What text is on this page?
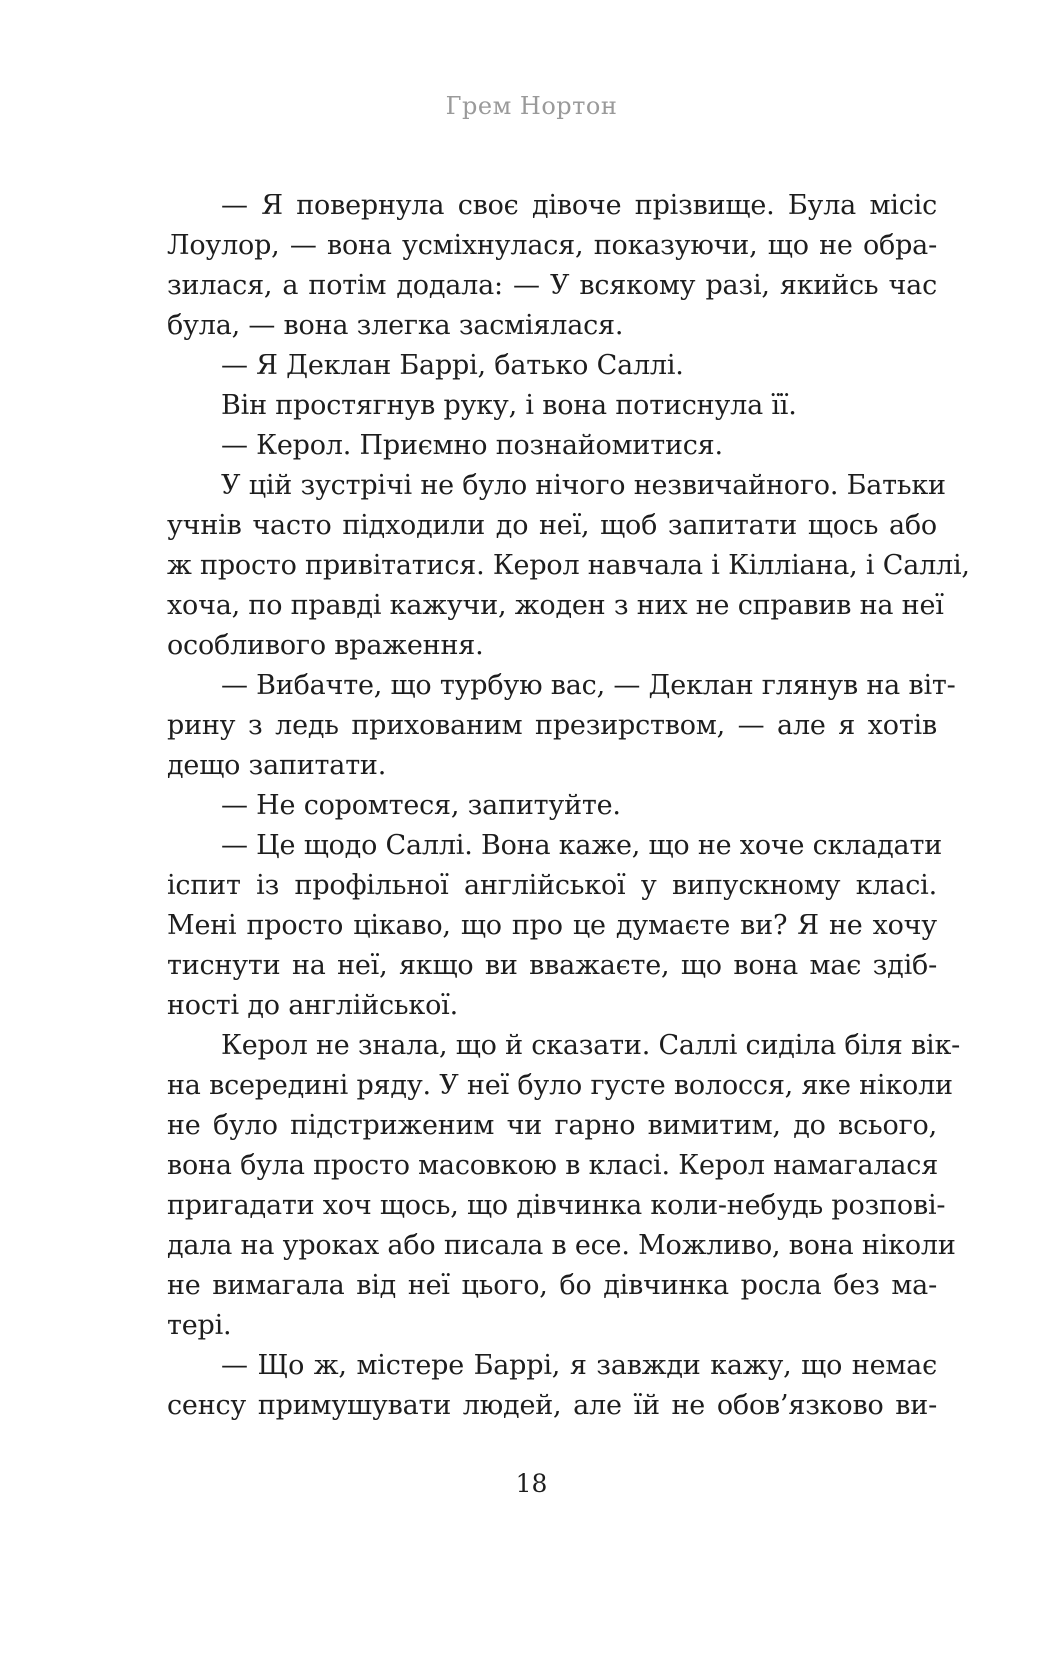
Грем Нортон
— Я повернула своє дівоче прізвище. Була місіс
Лоулор, — вона усміхнулася, показуючи, що не обра-
зилася, а потім додала: — У всякому разі, якийсь час
була, — вона злегка засміялася.
— Я Деклан Баррі, батько Саллі.
Він простягнув руку, і вона потиснула її.
— Керол. Приємно познайомитися.
У цій зустрічі не було нічого незвичайного. Батьки
учнів часто підходили до неї, щоб запитати щось або
ж просто привітатися. Керол навчала і Кілліана, і Саллі,
хоча, по правді кажучи, жоден з них не справив на неї
особливого враження.
— Вибачте, що турбую вас, — Деклан глянув на віт-
рину з ледь прихованим презирством, — але я хотів
дещо запитати.
— Не соромтеся, запитуйте.
— Це щодо Саллі. Вона каже, що не хоче складати
іспит із профільної англійської у випускному класі.
Мені просто цікаво, що про це думаєте ви? Я не хочу
тиснути на неї, якщо ви вважаєте, що вона має здіб-
ності до англійської.
Керол не знала, що й сказати. Саллі сиділа біля вік-
на всередині ряду. У неї було густе волосся, яке ніколи
не було підстриженим чи гарно вимитим, до всього,
вона була просто масовкою в класі. Керол намагалася
пригадати хоч щось, що дівчинка коли-небудь розпові-
дала на уроках або писала в есе. Можливо, вона ніколи
не вимагала від неї цього, бо дівчинка росла без ма-
тері.
— Що ж, містере Баррі, я завжди кажу, що немає
сенсу примушувати людей, але їй не обов’язково ви-
18
